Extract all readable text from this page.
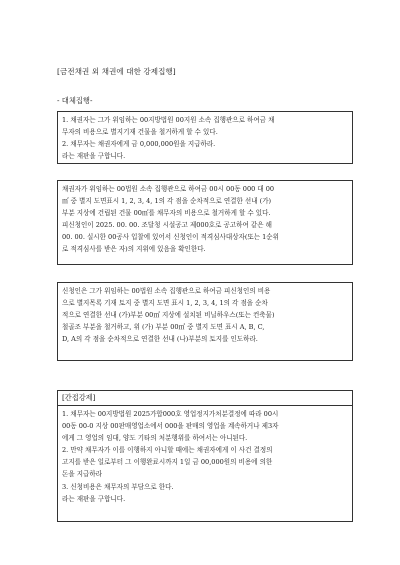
[금전채권 외 채권에 대한 강제집행]
- 대체집행-
1. 채권자는 그가 위임하는 00지방법원 00지원 소속 집행관으로 하여금 채
무자의 비용으로 별지기재 건물을 철거하게 할 수 있다.
2. 채무자는 채권자에게 금 0,000,000원을 지급하라.
라는 재판을 구합니다.
채권자가 위임하는 00법원 소속 집행관으로 하여금 00시 00동 000 대 00
㎡ 중 별지 도면표시 1, 2, 3, 4, 1의 각 점을 순차적으로 연결한 선내 (가)
부분 지상에 건립된 건물 00㎡를 채무자의 비용으로 철거하게 할 수 있다.
피신청인이 2025. 00. 00. 조달청 시설공고 제000호로 공고하여 같은 해
00. 00. 실시한 00공사 입찰에 있어서 신청인이 적격심사대상자(또는 1순위
로 적격심사를 받은 자)의 지위에 있음을 확인한다.
신청인은 그가 위임하는 00법원 소속 집행관으로 하여금 피신청인의 비용
으로 별지목록 기재 토지 중 별지 도면 표시 1, 2, 3, 4, 1의 각 점을 순차
적으로 연결한 선내 (가)부분 00㎡ 지상에 설치된 비닐하우스(또는 컨축물)
철골조 부분을 철거하고, 위 (가) 부분 00㎡ 중 별지 도면 표시 A, B, C,
D, A의 각 점을 순차적으로 연결한 선내 (나)부분의 토지를 인도하라.
[간접강제]
1. 채무자는 00지방법원 2025가합000호 영업정지가처분결정에 따라 00시
00동 00-0 지상 00판매영업소에서 000을 판매의 영업을 계속하거나 제3자
에게 그 영업의 임대, 양도 기타의 처분행위를 하여서는 아니된다.
2. 만약 채무자가 이를 이행하지 아니할 때에는 채권자에게 이 사건 결정의
고지를 받은 일로부터 그 이행완료시까지 1일 금 00,000원의 비용에 의한
돈을 지급하라
3. 신청비용은 채무자의 부담으로 한다.
라는 재판을 구합니다.
